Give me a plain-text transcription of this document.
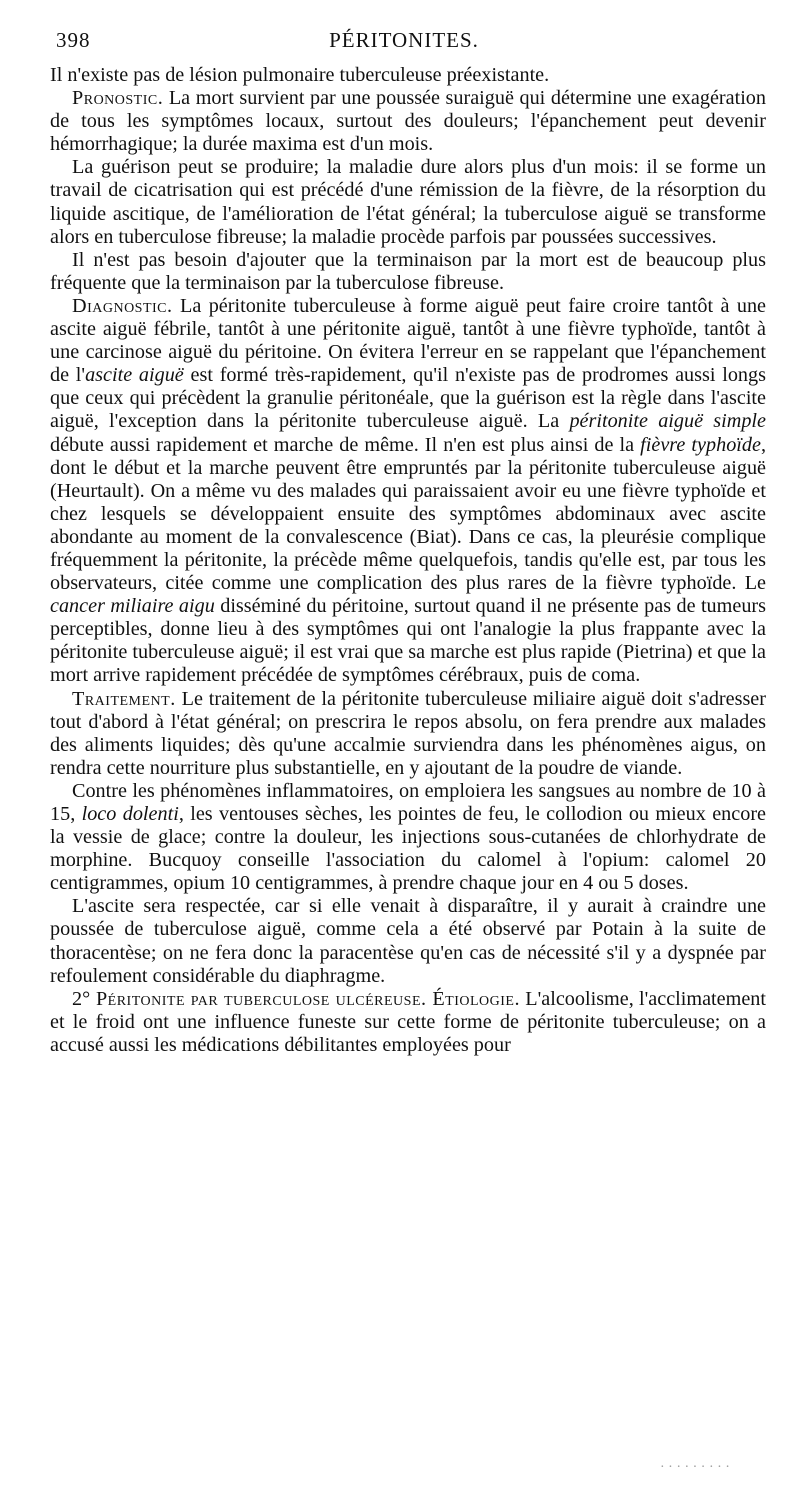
398	PÉRITONITES.

Il n'existe pas de lésion pulmonaire tuberculeuse préexistante.

Pronostic. La mort survient par une poussée suraiguë qui détermine une exagération de tous les symptômes locaux, surtout des douleurs; l'épanchement peut devenir hémorrhagique; la durée maxima est d'un mois.

La guérison peut se produire; la maladie dure alors plus d'un mois: il se forme un travail de cicatrisation qui est précédé d'une rémission de la fièvre, de la résorption du liquide ascitique, de l'amélioration de l'état général; la tuberculose aiguë se transforme alors en tuberculose fibreuse; la maladie procède parfois par poussées successives.

Il n'est pas besoin d'ajouter que la terminaison par la mort est de beaucoup plus fréquente que la terminaison par la tuberculose fibreuse.

Diagnostic. La péritonite tuberculeuse à forme aiguë peut faire croire tantôt à une ascite aiguë fébrile, tantôt à une péritonite aiguë, tantôt à une fièvre typhoïde, tantôt à une carcinose aiguë du péritoine. On évitera l'erreur en se rappelant que l'épanchement de l'ascite aiguë est formé très-rapidement, qu'il n'existe pas de prodromes aussi longs que ceux qui précèdent la granulie péritonéale, que la guérison est la règle dans l'ascite aiguë, l'exception dans la péritonite tuberculeuse aiguë. La péritonite aiguë simple débute aussi rapidement et marche de même. Il n'en est plus ainsi de la fièvre typhoïde, dont le début et la marche peuvent être empruntés par la péritonite tuberculeuse aiguë (Heurtault). On a même vu des malades qui paraissaient avoir eu une fièvre typhoïde et chez lesquels se développaient ensuite des symptômes abdominaux avec ascite abondante au moment de la convalescence (Biat). Dans ce cas, la pleurésie complique fréquemment la péritonite, la précède même quelquefois, tandis qu'elle est, par tous les observateurs, citée comme une complication des plus rares de la fièvre typhoïde. Le cancer miliaire aigu disséminé du péritoine, surtout quand il ne présente pas de tumeurs perceptibles, donne lieu à des symptômes qui ont l'analogie la plus frappante avec la péritonite tuberculeuse aiguë; il est vrai que sa marche est plus rapide (Pietrina) et que la mort arrive rapidement précédée de symptômes cérébraux, puis de coma.

Traitement. Le traitement de la péritonite tuberculeuse miliaire aiguë doit s'adresser tout d'abord à l'état général; on prescrira le repos absolu, on fera prendre aux malades des aliments liquides; dès qu'une accalmie surviendra dans les phénomènes aigus, on rendra cette nourriture plus substantielle, en y ajoutant de la poudre de viande.

Contre les phénomènes inflammatoires, on emploiera les sangsues au nombre de 10 à 15, loco dolenti, les ventouses sèches, les pointes de feu, le collodion ou mieux encore la vessie de glace; contre la douleur, les injections sous-cutanées de chlorhydrate de morphine. Bucquoy conseille l'association du calomel à l'opium: calomel 20 centigrammes, opium 10 centigrammes, à prendre chaque jour en 4 ou 5 doses.

L'ascite sera respectée, car si elle venait à disparaître, il y aurait à craindre une poussée de tuberculose aiguë, comme cela a été observé par Potain à la suite de thoracentèse; on ne fera donc la paracentèse qu'en cas de nécessité s'il y a dyspnée par refoulement considérable du diaphragme.

2° Péritonite par tuberculose ulcéreuse. Étiologie. L'alcoolisme, l'acclimatement et le froid ont une influence funeste sur cette forme de péritonite tuberculeuse; on a accusé aussi les médications débilitantes employées pour

· · · · · · · · ·
